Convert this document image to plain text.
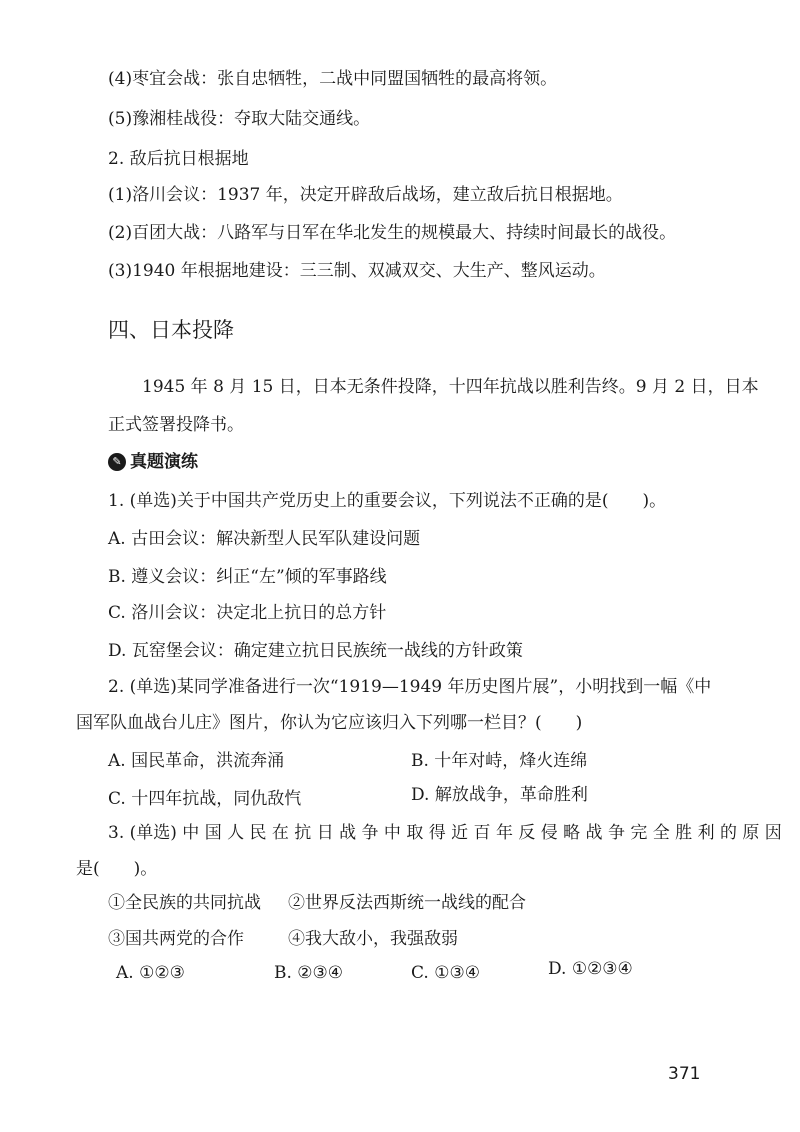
(4)枣宜会战：张自忠牺牲，二战中同盟国牺牲的最高将领。
(5)豫湘桂战役：夺取大陆交通线。
2. 敌后抗日根据地
(1)洛川会议：1937 年，决定开辟敌后战场，建立敌后抗日根据地。
(2)百团大战：八路军与日军在华北发生的规模最大、持续时间最长的战役。
(3)1940 年根据地建设：三三制、双减双交、大生产、整风运动。
四、日本投降
1945 年 8 月 15 日，日本无条件投降，十四年抗战以胜利告终。9 月 2 日，日本
正式签署投降书。
✎ 真题演练
1. (单选)关于中国共产党历史上的重要会议，下列说法不正确的是(　　)。
A. 古田会议：解决新型人民军队建设问题
B. 遵义会议：纠正“左”倾的军事路线
C. 洛川会议：决定北上抗日的总方针
D. 瓦窑堡会议：确定建立抗日民族统一战线的方针政策
2. (单选)某同学准备进行一次“1919—1949 年历史图片展”，小明找到一幅《中
国军队血战台儿庄》图片，你认为它应该归入下列哪一栏目？(　　)
A. 国民革命，洪流奔涌	B. 十年对峙，烽火连绵
C. 十四年抗战，同仇敌忾	D. 解放战争，革命胜利
3. (单选) 中 国 人 民 在 抗 日 战 争 中 取 得 近 百 年 反 侵 略 战 争 完 全 胜 利 的 原 因
是(　　)。
①全民族的共同抗战 ②世界反法西斯统一战线的配合
③国共两党的合作	④我大敌小，我强敌弱
A. ①②③	B. ②③④	C. ①③④	D. ①②③④
371
